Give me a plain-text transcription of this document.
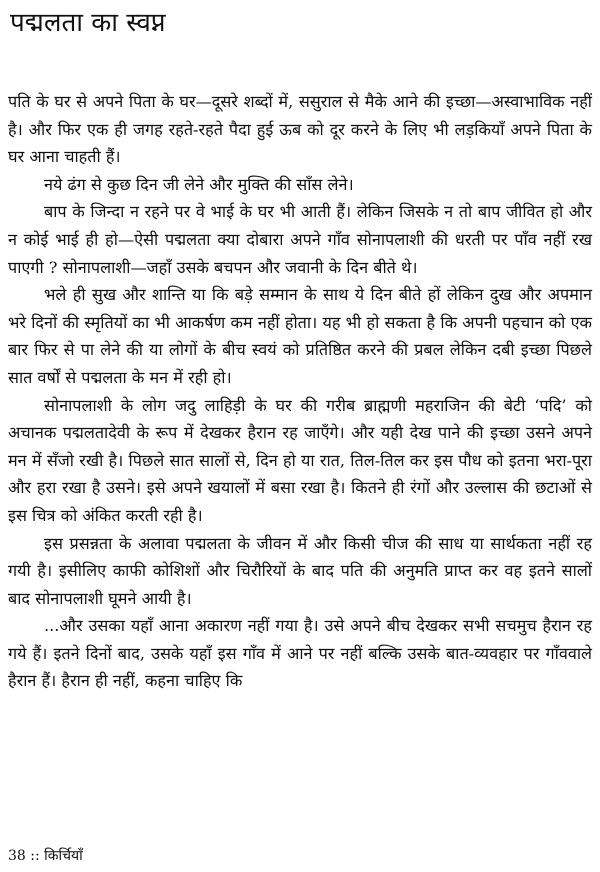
पद्मलता का स्वप्न

पति के घर से अपने पिता के घर—दूसरे शब्दों में, ससुराल से मैके आने की इच्छा—अस्वाभाविक नहीं है। और फिर एक ही जगह रहते-रहते पैदा हुई ऊब को दूर करने के लिए भी लड़कियाँ अपने पिता के घर आना चाहती हैं।

नये ढंग से कुछ दिन जी लेने और मुक्ति की साँस लेने।

बाप के जिन्दा न रहने पर वे भाई के घर भी आती हैं। लेकिन जिसके न तो बाप जीवित हो और न कोई भाई ही हो—ऐसी पद्मलता क्या दोबारा अपने गाँव सोनापलाशी की धरती पर पाँव नहीं रख पाएगी ? सोनापलाशी—जहाँ उसके बचपन और जवानी के दिन बीते थे।

भले ही सुख और शान्ति या कि बड़े सम्मान के साथ ये दिन बीते हों लेकिन दुख और अपमान भरे दिनों की स्मृतियों का भी आकर्षण कम नहीं होता। यह भी हो सकता है कि अपनी पहचान को एक बार फिर से पा लेने की या लोगों के बीच स्वयं को प्रतिष्ठित करने की प्रबल लेकिन दबी इच्छा पिछले सात वर्षों से पद्मलता के मन में रही हो।

सोनापलाशी के लोग जदु लाहिड़ी के घर की गरीब ब्राह्मणी महराजिन की बेटी ‘पदि’ को अचानक पद्मलतादेवी के रूप में देखकर हैरान रह जाएँगे। और यही देख पाने की इच्छा उसने अपने मन में सँजो रखी है। पिछले सात सालों से, दिन हो या रात, तिल-तिल कर इस पौध को इतना भरा-पूरा और हरा रखा है उसने। इसे अपने खयालों में बसा रखा है। कितने ही रंगों और उल्लास की छटाओं से इस चित्र को अंकित करती रही है।

इस प्रसन्नता के अलावा पद्मलता के जीवन में और किसी चीज की साध या सार्थकता नहीं रह गयी है। इसीलिए काफी कोशिशों और चिरौरियों के बाद पति की अनुमति प्राप्त कर वह इतने सालों बाद सोनापलाशी घूमने आयी है।

...और उसका यहाँ आना अकारण नहीं गया है। उसे अपने बीच देखकर सभी सचमुच हैरान रह गये हैं। इतने दिनों बाद, उसके यहाँ इस गाँव में आने पर नहीं बल्कि उसके बात-व्यवहार पर गाँववाले हैरान हैं। हैरान ही नहीं, कहना चाहिए कि

38 :: किर्चियाँ
